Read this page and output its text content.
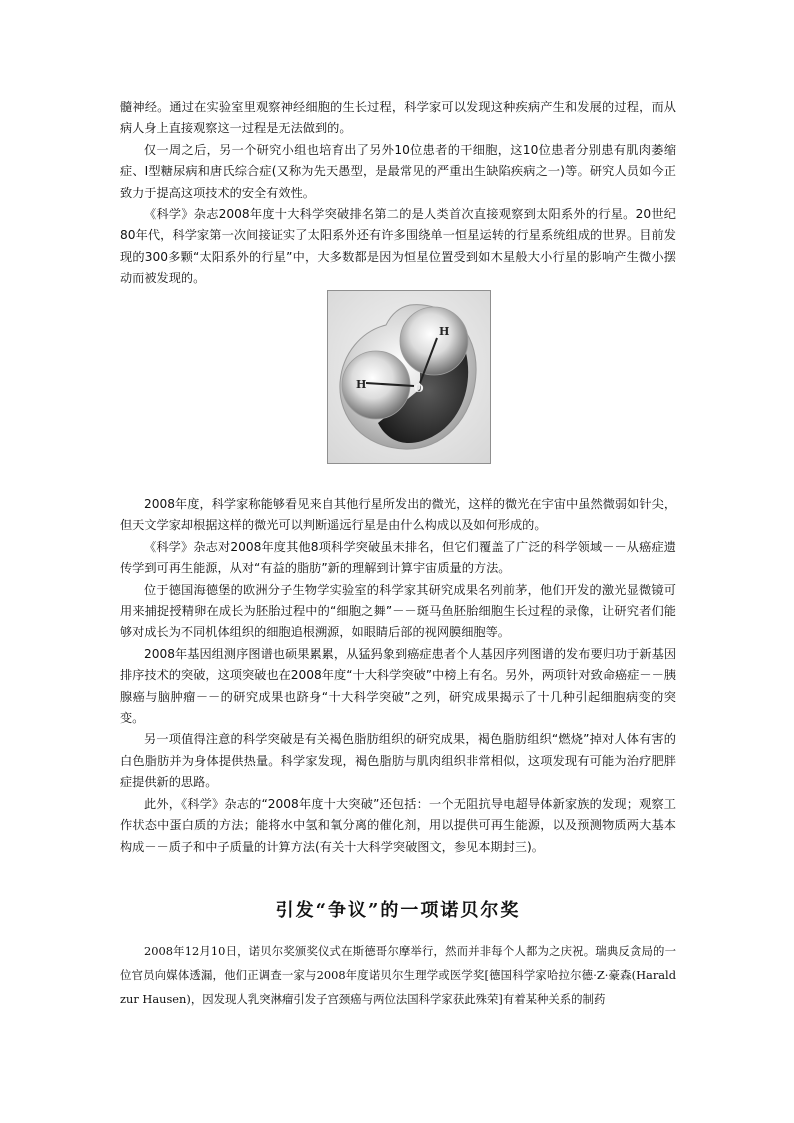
髓神经。通过在实验室里观察神经细胞的生长过程，科学家可以发现这种疾病产生和发展的过程，而从病人身上直接观察这一过程是无法做到的。

仅一周之后，另一个研究小组也培育出了另外10位患者的干细胞，这10位患者分别患有肌肉萎缩症、Ⅰ型糖尿病和唐氏综合症(又称为先天愚型，是最常见的严重出生缺陷疾病之一)等。研究人员如今正致力于提高这项技术的安全有效性。

《科学》杂志2008年度十大科学突破排名第二的是人类首次直接观察到太阳系外的行星。20世纪80年代，科学家第一次间接证实了太阳系外还有许多围绕单一恒星运转的行星系统组成的世界。目前发现的300多颗“太阳系外的行星”中，大多数都是因为恒星位置受到如木星般大小行星的影响产生微小摆动而被发现的。

H
H	O

2008年度，科学家称能够看见来自其他行星所发出的微光，这样的微光在宇宙中虽然微弱如针尖，但天文学家却根据这样的微光可以判断遥远行星是由什么构成以及如何形成的。

《科学》杂志对2008年度其他8项科学突破虽未排名，但它们覆盖了广泛的科学领域－－从癌症遗传学到可再生能源，从对“有益的脂肪”新的理解到计算宇宙质量的方法。

位于德国海德堡的欧洲分子生物学实验室的科学家其研究成果名列前茅，他们开发的激光显微镜可用来捕捉授精卵在成长为胚胎过程中的“细胞之舞”－－斑马鱼胚胎细胞生长过程的录像，让研究者们能够对成长为不同机体组织的细胞追根溯源，如眼睛后部的视网膜细胞等。

2008年基因组测序图谱也硕果累累，从猛犸象到癌症患者个人基因序列图谱的发布要归功于新基因排序技术的突破，这项突破也在2008年度“十大科学突破”中榜上有名。另外，两项针对致命癌症－－胰腺癌与脑肿瘤－－的研究成果也跻身“十大科学突破”之列，研究成果揭示了十几种引起细胞病变的突变。

另一项值得注意的科学突破是有关褐色脂肪组织的研究成果，褐色脂肪组织“燃烧”掉对人体有害的白色脂肪并为身体提供热量。科学家发现，褐色脂肪与肌肉组织非常相似，这项发现有可能为治疗肥胖症提供新的思路。

此外，《科学》杂志的“2008年度十大突破”还包括：一个无阻抗导电超导体新家族的发现；观察工作状态中蛋白质的方法；能将水中氢和氧分离的催化剂，用以提供可再生能源，以及预测物质两大基本构成－－质子和中子质量的计算方法(有关十大科学突破图文，参见本期封三)。

引发“争议”的一项诺贝尔奖

2008年12月10日，诺贝尔奖颁奖仪式在斯德哥尔摩举行，然而并非每个人都为之庆祝。瑞典反贪局的一位官员向媒体透漏，他们正调查一家与2008年度诺贝尔生理学或医学奖[德国科学家哈拉尔德·Z·豪森(Harald zur Hausen)，因发现人乳突淋瘤引发子宫颈癌与两位法国科学家获此殊荣]有着某种关系的制药
